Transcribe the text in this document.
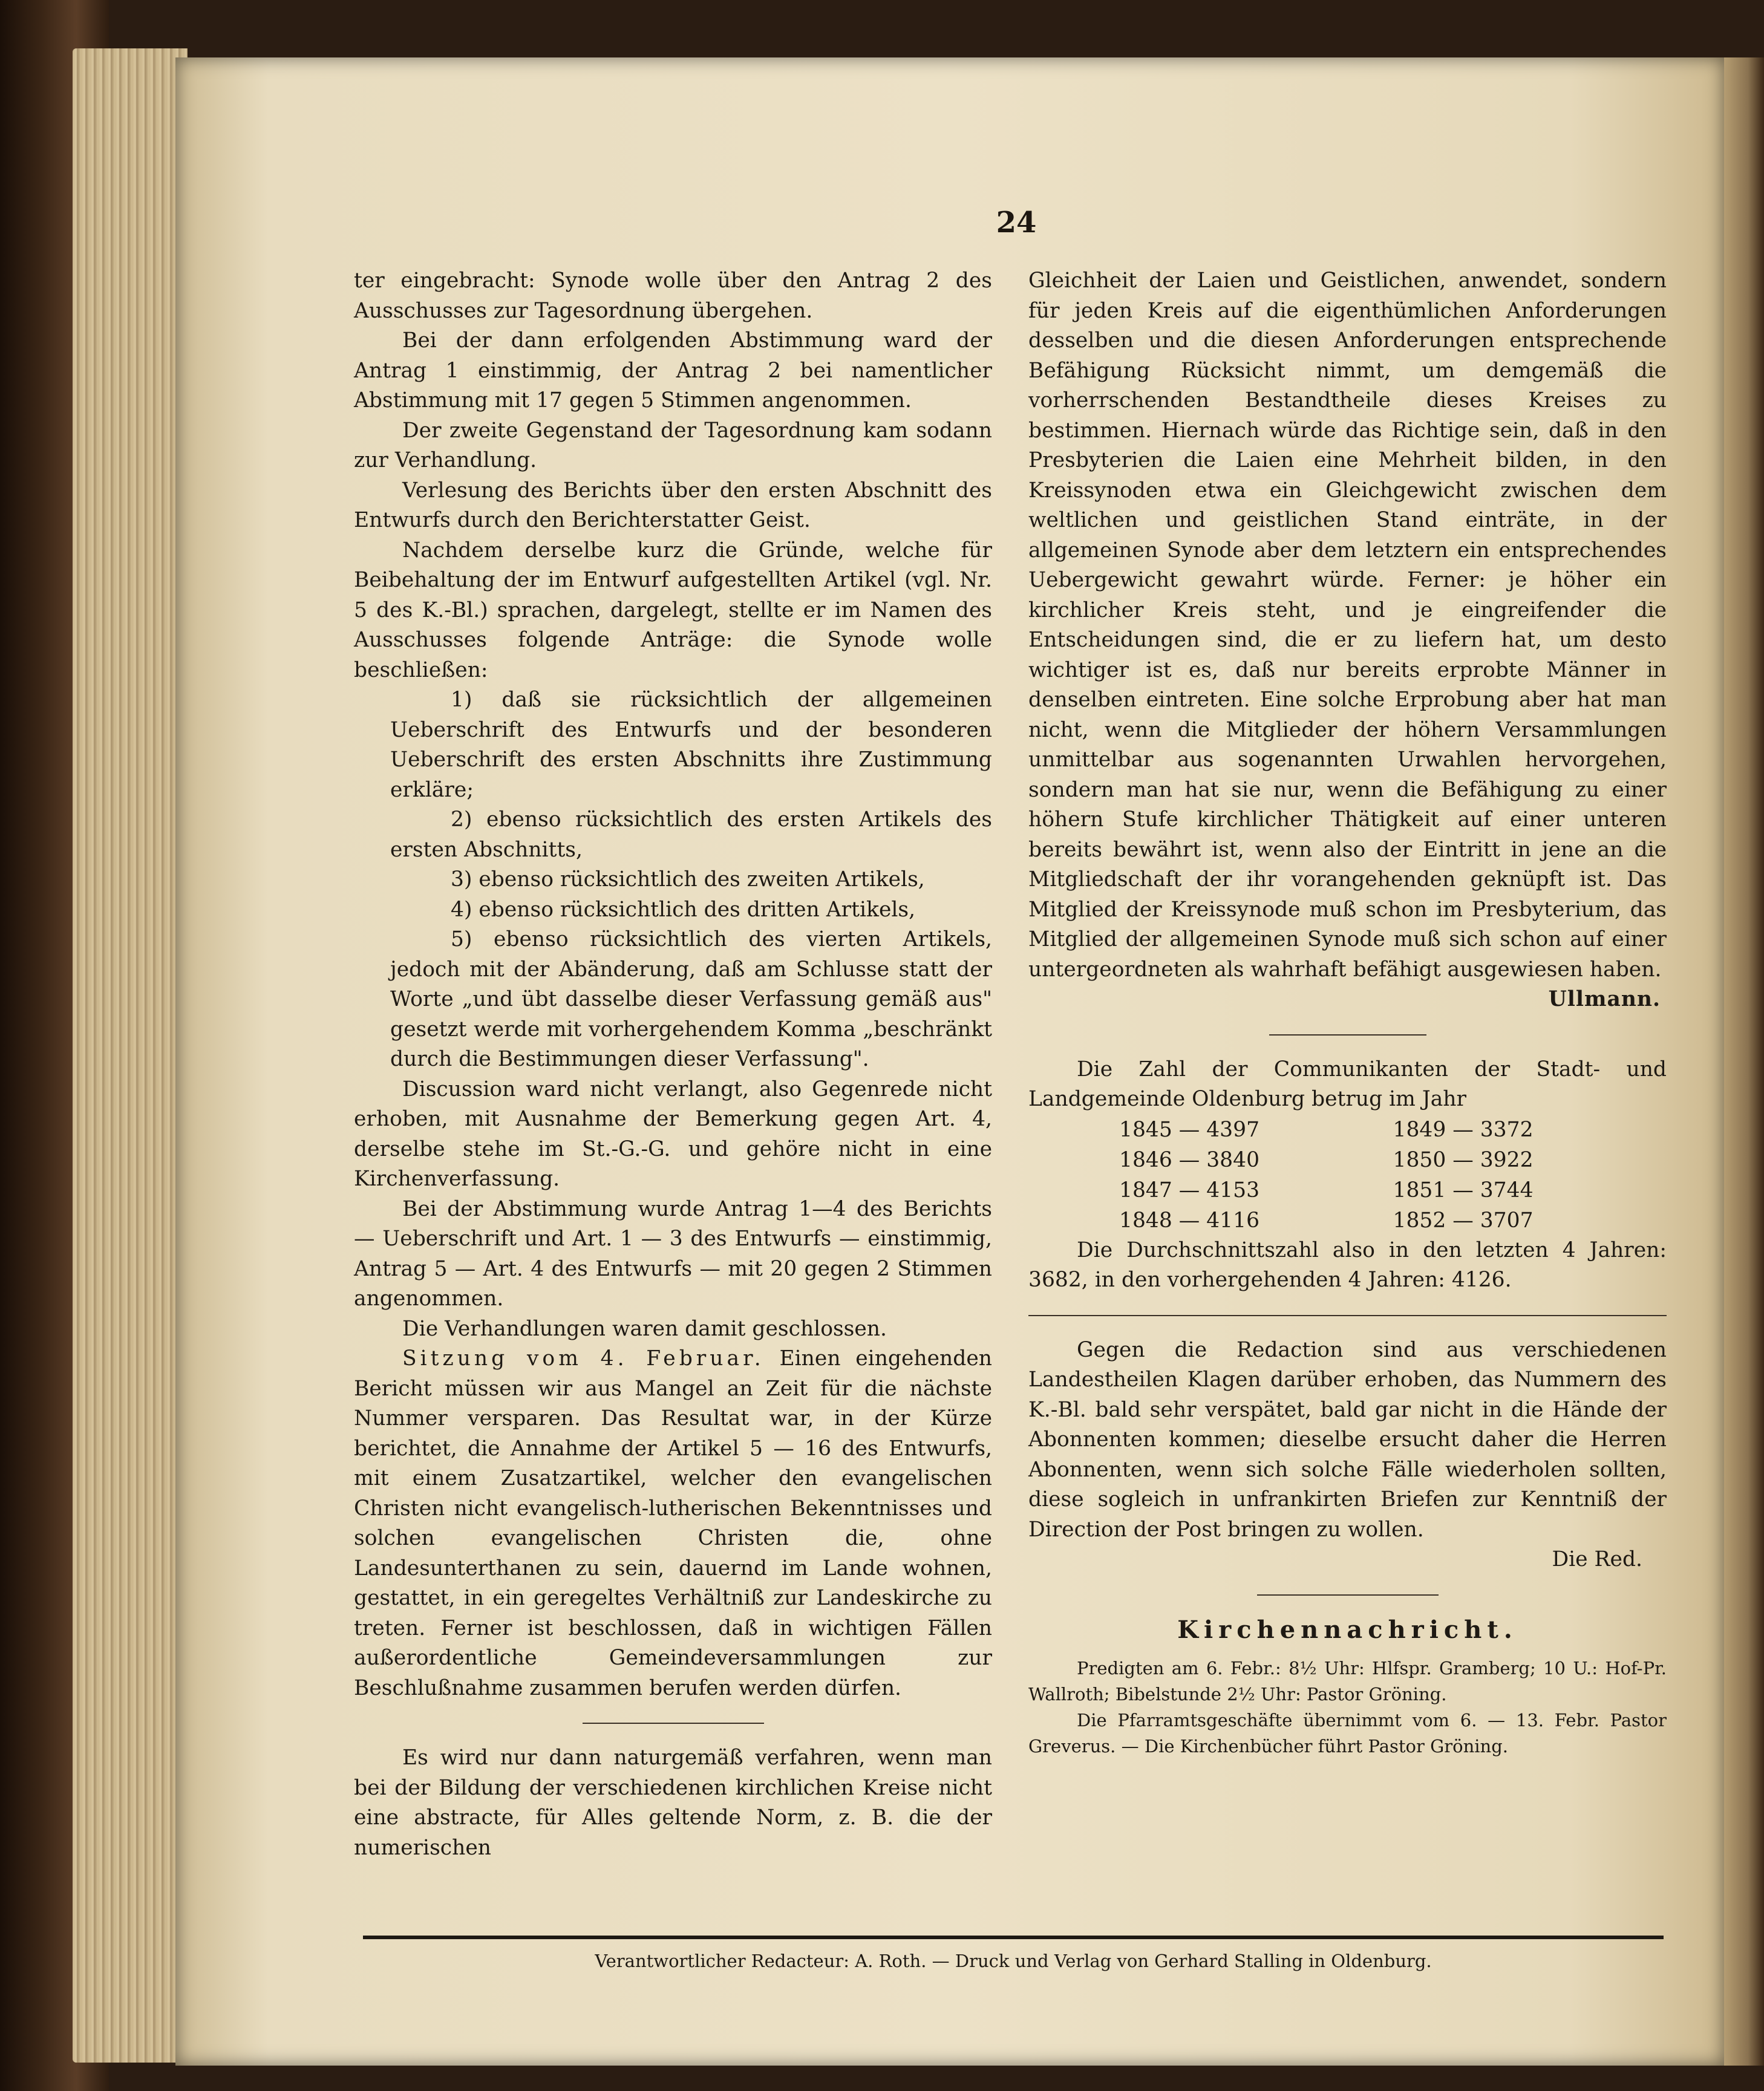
24

ter eingebracht: Synode wolle über den Antrag 2 des Ausschusses zur Tagesordnung übergehen.

Bei der dann erfolgenden Abstimmung ward der Antrag 1 einstimmig, der Antrag 2 bei namentlicher Abstimmung mit 17 gegen 5 Stimmen angenommen.

Der zweite Gegenstand der Tagesordnung kam sodann zur Verhandlung.

Verlesung des Berichts über den ersten Abschnitt des Entwurfs durch den Berichterstatter Geist.

Nachdem derselbe kurz die Gründe, welche für Beibehaltung der im Entwurf aufgestellten Artikel (vgl. Nr. 5 des K.-Bl.) sprachen, dargelegt, stellte er im Namen des Ausschusses folgende Anträge: die Synode wolle beschließen:

1) daß sie rücksichtlich der allgemeinen Ueberschrift des Entwurfs und der besonderen Ueberschrift des ersten Abschnitts ihre Zustimmung erkläre;

2) ebenso rücksichtlich des ersten Artikels des ersten Abschnitts,

3) ebenso rücksichtlich des zweiten Artikels,

4) ebenso rücksichtlich des dritten Artikels,

5) ebenso rücksichtlich des vierten Artikels, jedoch mit der Abänderung, daß am Schlusse statt der Worte „und übt dasselbe dieser Verfassung gemäß aus" gesetzt werde mit vorhergehendem Komma „beschränkt durch die Bestimmungen dieser Verfassung".

Discussion ward nicht verlangt, also Gegenrede nicht erhoben, mit Ausnahme der Bemerkung gegen Art. 4, derselbe stehe im St.-G.-G. und gehöre nicht in eine Kirchenverfassung.

Bei der Abstimmung wurde Antrag 1—4 des Berichts — Ueberschrift und Art. 1 — 3 des Entwurfs — einstimmig, Antrag 5 — Art. 4 des Entwurfs — mit 20 gegen 2 Stimmen angenommen.

Die Verhandlungen waren damit geschlossen.

Sitzung vom 4. Februar. Einen eingehenden Bericht müssen wir aus Mangel an Zeit für die nächste Nummer versparen. Das Resultat war, in der Kürze berichtet, die Annahme der Artikel 5 — 16 des Entwurfs, mit einem Zusatzartikel, welcher den evangelischen Christen nicht evangelisch-lutherischen Bekenntnisses und solchen evangelischen Christen die, ohne Landesunterthanen zu sein, dauernd im Lande wohnen, gestattet, in ein geregeltes Verhältniß zur Landeskirche zu treten. Ferner ist beschlossen, daß in wichtigen Fällen außerordentliche Gemeindeversammlungen zur Beschlußnahme zusammen berufen werden dürfen.

Es wird nur dann naturgemäß verfahren, wenn man bei der Bildung der verschiedenen kirchlichen Kreise nicht eine abstracte, für Alles geltende Norm, z. B. die der numerischen

Gleichheit der Laien und Geistlichen, anwendet, sondern für jeden Kreis auf die eigenthümlichen Anforderungen desselben und die diesen Anforderungen entsprechende Befähigung Rücksicht nimmt, um demgemäß die vorherrschenden Bestandtheile dieses Kreises zu bestimmen. Hiernach würde das Richtige sein, daß in den Presbyterien die Laien eine Mehrheit bilden, in den Kreissynoden etwa ein Gleichgewicht zwischen dem weltlichen und geistlichen Stand einträte, in der allgemeinen Synode aber dem letztern ein entsprechendes Uebergewicht gewahrt würde. Ferner: je höher ein kirchlicher Kreis steht, und je eingreifender die Entscheidungen sind, die er zu liefern hat, um desto wichtiger ist es, daß nur bereits erprobte Männer in denselben eintreten. Eine solche Erprobung aber hat man nicht, wenn die Mitglieder der höhern Versammlungen unmittelbar aus sogenannten Urwahlen hervorgehen, sondern man hat sie nur, wenn die Befähigung zu einer höhern Stufe kirchlicher Thätigkeit auf einer unteren bereits bewährt ist, wenn also der Eintritt in jene an die Mitgliedschaft der ihr vorangehenden geknüpft ist. Das Mitglied der Kreissynode muß schon im Presbyterium, das Mitglied der allgemeinen Synode muß sich schon auf einer untergeordneten als wahrhaft befähigt ausgewiesen haben.

Ullmann.

Die Zahl der Communikanten der Stadt- und Landgemeinde Oldenburg betrug im Jahr

1845 — 4397	1849 — 3372
1846 — 3840	1850 — 3922
1847 — 4153	1851 — 3744
1848 — 4116	1852 — 3707

Die Durchschnittszahl also in den letzten 4 Jahren: 3682, in den vorhergehenden 4 Jahren: 4126.

Gegen die Redaction sind aus verschiedenen Landestheilen Klagen darüber erhoben, das Nummern des K.-Bl. bald sehr verspätet, bald gar nicht in die Hände der Abonnenten kommen; dieselbe ersucht daher die Herren Abonnenten, wenn sich solche Fälle wiederholen sollten, diese sogleich in unfrankirten Briefen zur Kenntniß der Direction der Post bringen zu wollen.

Die Red.

Kirchennachricht.

Predigten am 6. Febr.: 8½ Uhr: Hlfspr. Gramberg; 10 U.: Hof-Pr. Wallroth; Bibelstunde 2½ Uhr: Pastor Gröning.

Die Pfarramtsgeschäfte übernimmt vom 6. — 13. Febr. Pastor Greverus. — Die Kirchenbücher führt Pastor Gröning.

Verantwortlicher Redacteur: A. Roth. — Druck und Verlag von Gerhard Stalling in Oldenburg.
